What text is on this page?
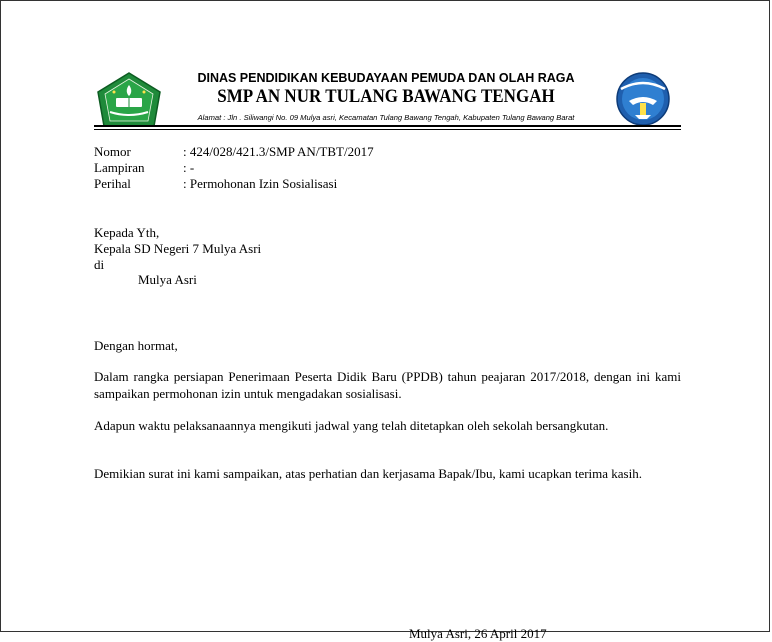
DINAS PENDIDIKAN KEBUDAYAAN PEMUDA DAN OLAH RAGA
SMP AN NUR TULANG BAWANG TENGAH
Alamat : Jln . Siliwangi No. 09 Mulya asri, Kecamatan Tulang Bawang Tengah, Kabupaten Tulang Bawang Barat
Nomor	: 424/028/421.3/SMP AN/TBT/2017
Lampiran	: -
Perihal	: Permohonan Izin Sosialisasi
Kepada Yth,
Kepala SD Negeri 7 Mulya Asri
di
Mulya Asri
Dengan hormat,
Dalam rangka persiapan Penerimaan Peserta Didik Baru (PPDB) tahun peajaran 2017/2018, dengan ini kami sampaikan permohonan izin untuk mengadakan sosialisasi.
Adapun waktu pelaksanaannya mengikuti jadwal yang telah ditetapkan oleh sekolah bersangkutan.
Demikian surat ini kami sampaikan, atas perhatian dan kerjasama Bapak/Ibu, kami ucapkan terima kasih.
Mulya Asri, 26 April 2017
